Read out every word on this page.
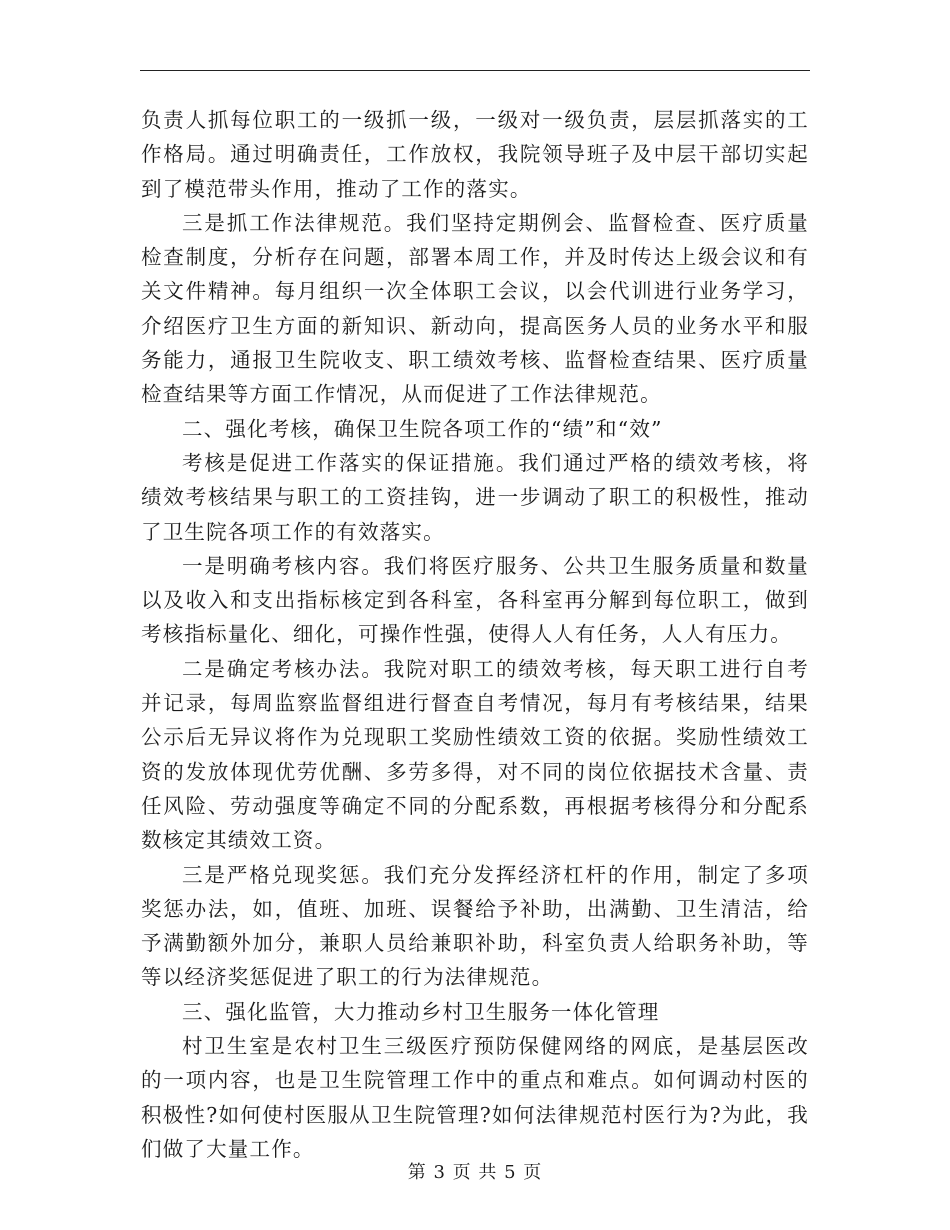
负责人抓每位职工的一级抓一级，一级对一级负责，层层抓落实的工作格局。通过明确责任，工作放权，我院领导班子及中层干部切实起到了模范带头作用，推动了工作的落实。

三是抓工作法律规范。我们坚持定期例会、监督检查、医疗质量检查制度，分析存在问题，部署本周工作，并及时传达上级会议和有关文件精神。每月组织一次全体职工会议，以会代训进行业务学习，介绍医疗卫生方面的新知识、新动向，提高医务人员的业务水平和服务能力，通报卫生院收支、职工绩效考核、监督检查结果、医疗质量检查结果等方面工作情况，从而促进了工作法律规范。

二、强化考核，确保卫生院各项工作的“绩”和“效”

考核是促进工作落实的保证措施。我们通过严格的绩效考核，将绩效考核结果与职工的工资挂钩，进一步调动了职工的积极性，推动了卫生院各项工作的有效落实。

一是明确考核内容。我们将医疗服务、公共卫生服务质量和数量以及收入和支出指标核定到各科室，各科室再分解到每位职工，做到考核指标量化、细化，可操作性强，使得人人有任务，人人有压力。

二是确定考核办法。我院对职工的绩效考核，每天职工进行自考并记录，每周监察监督组进行督查自考情况，每月有考核结果，结果公示后无异议将作为兑现职工奖励性绩效工资的依据。奖励性绩效工资的发放体现优劳优酬、多劳多得，对不同的岗位依据技术含量、责任风险、劳动强度等确定不同的分配系数，再根据考核得分和分配系数核定其绩效工资。

三是严格兑现奖惩。我们充分发挥经济杠杆的作用，制定了多项奖惩办法，如，值班、加班、误餐给予补助，出满勤、卫生清洁，给予满勤额外加分，兼职人员给兼职补助，科室负责人给职务补助，等等以经济奖惩促进了职工的行为法律规范。

三、强化监管，大力推动乡村卫生服务一体化管理

村卫生室是农村卫生三级医疗预防保健网络的网底，是基层医改的一项内容，也是卫生院管理工作中的重点和难点。如何调动村医的积极性?如何使村医服从卫生院管理?如何法律规范村医行为?为此，我们做了大量工作。

第 3 页 共 5 页
